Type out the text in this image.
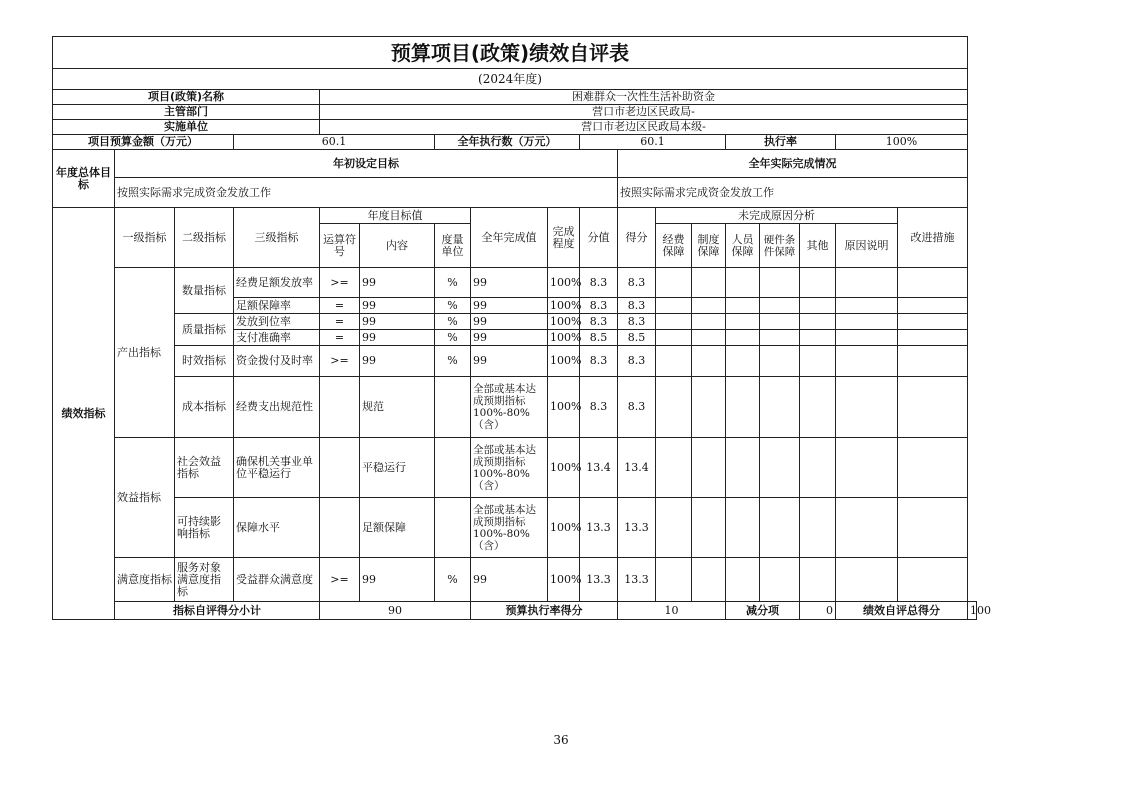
预算项目(政策)绩效自评表																		
(2024年度)																		
项目(政策)名称				困难群众一次性生活补助资金														
主管部门				营口市老边区民政局-														
实施单位				营口市老边区民政局本级-														
项目预算金额（万元）			60.1			全年执行数（万元）			60.1				执行率			100%		
年度总体目标	年初设定目标									全年实际完成情况								
	按照实际需求完成资金发放工作									按照实际需求完成资金发放工作								
绩效指标	一级指标	二级指标	三级指标	年度目标值			全年完成值	完成程度	分值	得分	未完成原因分析						改进措施	
				运算符号	内容	度量单位					经费保障	制度保障	人员保障	硬件条件保障	其他	原因说明		
	产出指标	数量指标	经费足额发放率	>=	99	%	99	100%	8.3	8.3								
			足额保障率	=	99	%	99	100%	8.3	8.3								
		质量指标	发放到位率	=	99	%	99	100%	8.3	8.3								
			支付准确率	=	99	%	99	100%	8.5	8.5								
		时效指标	资金拨付及时率	>=	99	%	99	100%	8.3	8.3								
		成本指标	经费支出规范性		规范		全部或基本达成预期指标100%-80%（含）	100%	8.3	8.3								
	效益指标	社会效益指标	确保机关事业单位平稳运行		平稳运行		全部或基本达成预期指标100%-80%（含）	100%	13.4	13.4								
		可持续影响指标	保障水平		足额保障		全部或基本达成预期指标100%-80%（含）	100%	13.3	13.3								
	满意度指标	服务对象满意度指标	受益群众满意度	>=	99	%	99	100%	13.3	13.3								
	指标自评得分小计			90			预算执行率得分			10			减分项		0	绩效自评总得分		100
36
